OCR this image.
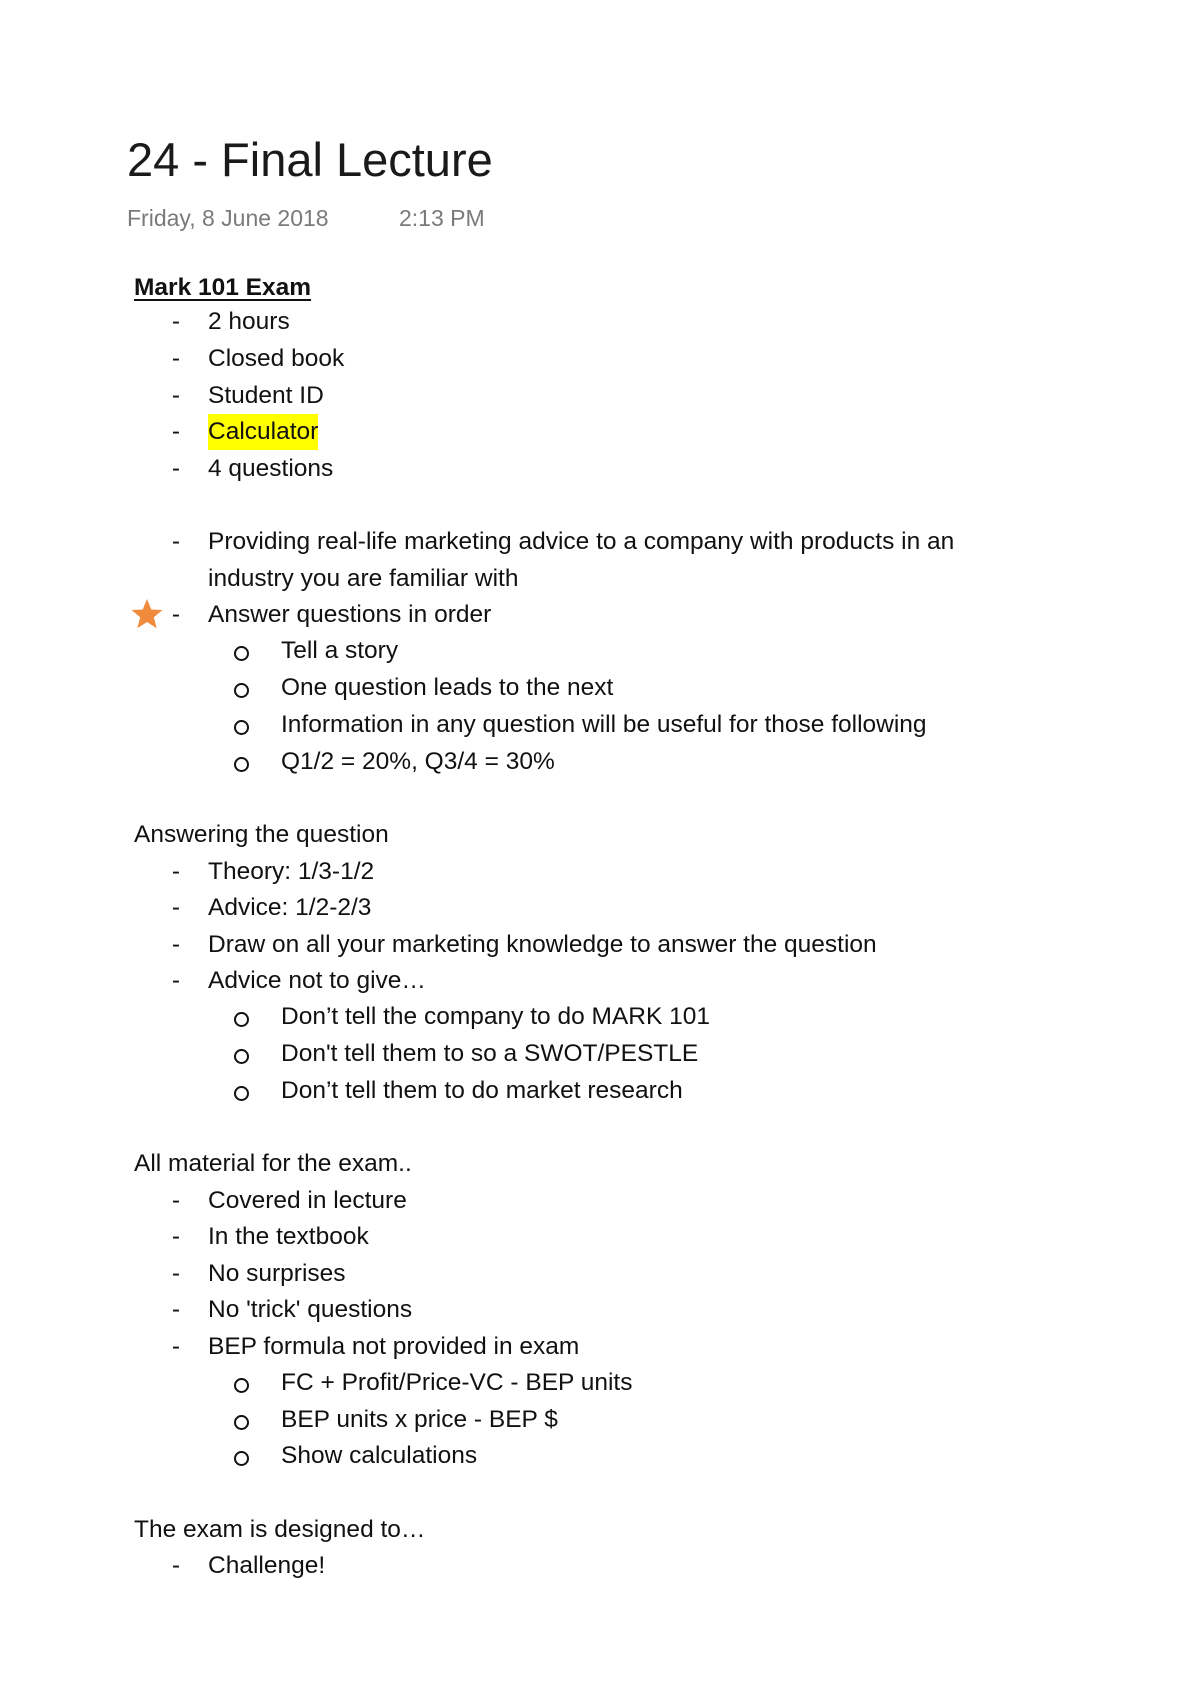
24 - Final Lecture
Friday, 8 June 2018	2:13 PM
Mark 101 Exam
- 2 hours
- Closed book
- Student ID
- Calculator
- 4 questions
- Providing real-life marketing advice to a company with products in an
industry you are familiar with
- Answer questions in order
Tell a story
One question leads to the next
Information in any question will be useful for those following
Q1/2 = 20%, Q3/4 = 30%
Answering the question
- Theory: 1/3-1/2
- Advice: 1/2-2/3
- Draw on all your marketing knowledge to answer the question
- Advice not to give…
Don’t tell the company to do MARK 101
Don't tell them to so a SWOT/PESTLE
Don’t tell them to do market research
All material for the exam..
- Covered in lecture
- In the textbook
- No surprises
- No 'trick' questions
- BEP formula not provided in exam
FC + Profit/Price-VC - BEP units
BEP units x price - BEP $
Show calculations
The exam is designed to…
- Challenge!
